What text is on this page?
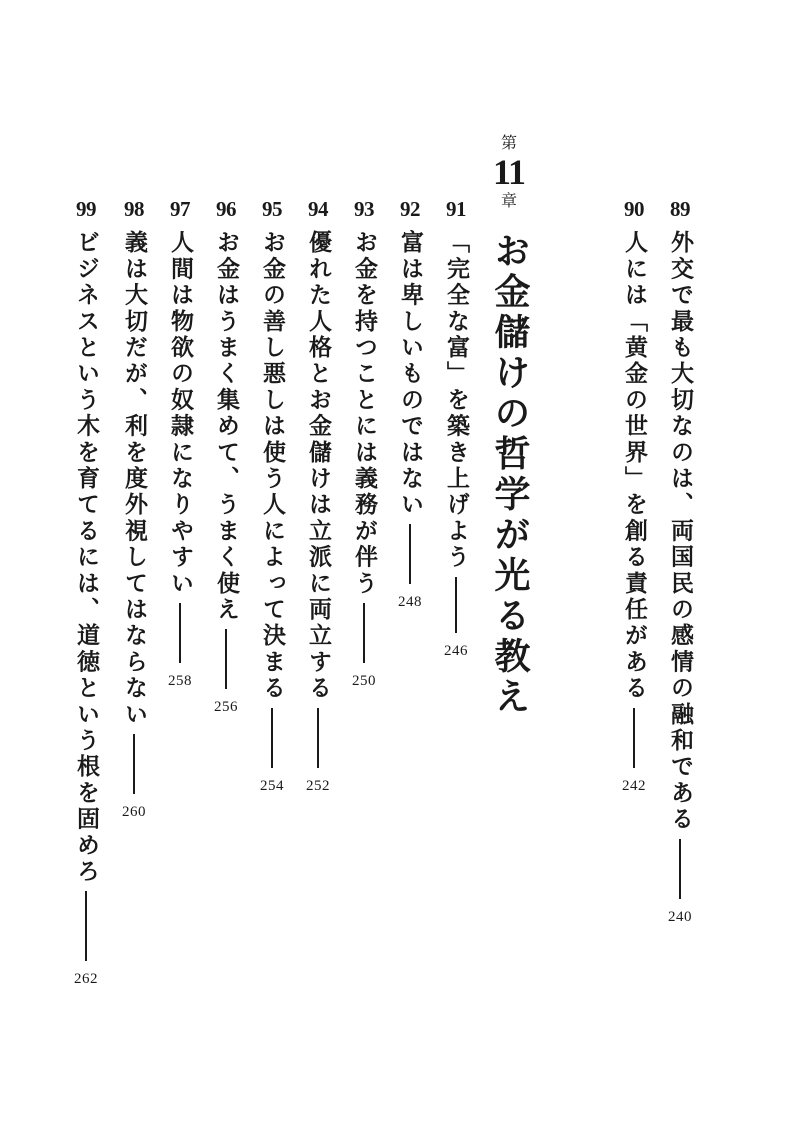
89
外交で最も大切なのは、両国民の感情の融和である
240
90
人には「黄金の世界」を創る責任がある
242
第
11
章
お金儲けの哲学が光る教え
91
「完全な富」を築き上げよう
246
92
富は卑しいものではない
248
93
お金を持つことには義務が伴う
250
94
優れた人格とお金儲けは立派に両立する
252
95
お金の善し悪しは使う人によって決まる
254
96
お金はうまく集めて、うまく使え
256
97
人間は物欲の奴隷になりやすい
258
98
義は大切だが、利を度外視してはならない
260
99
ビジネスという木を育てるには、道徳という根を固めろ
262
